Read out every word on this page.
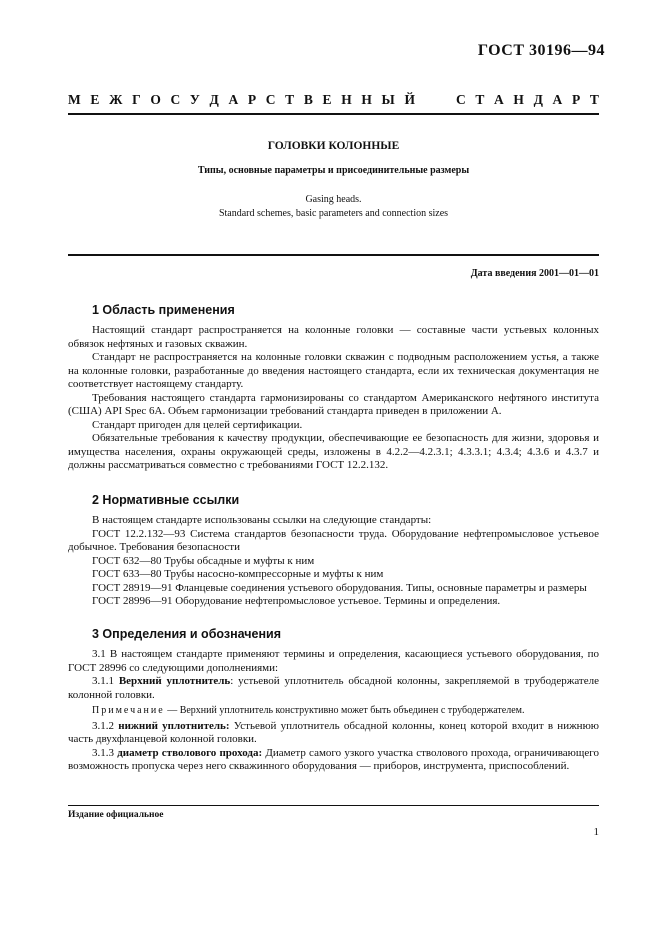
ГОСТ 30196—94
М Е Ж Г О С У Д А Р С Т В Е Н Н Ы Й	С Т А Н Д А Р Т
ГОЛОВКИ КОЛОННЫЕ
Типы, основные параметры и присоединительные размеры
Gasing heads.
Standard schemes, basic parameters and connection sizes
Дата введения 2001—01—01
1 Область применения

Настоящий стандарт распространяется на колонные головки — составные части устьевых колонных обвязок нефтяных и газовых скважин.

Стандарт не распространяется на колонные головки скважин с подводным расположением устья, а также на колонные головки, разработанные до введения настоящего стандарта, если их техническая документация не соответствует настоящему стандарту.

Требования настоящего стандарта гармонизированы со стандартом Американского нефтяного института (США) API Spec 6A. Объем гармонизации требований стандарта приведен в приложении А.

Стандарт пригоден для целей сертификации.

Обязательные требования к качеству продукции, обеспечивающие ее безопасность для жизни, здоровья и имущества населения, охраны окружающей среды, изложены в 4.2.2—4.2.3.1; 4.3.3.1; 4.3.4; 4.3.6 и 4.3.7 и должны рассматриваться совместно с требованиями ГОСТ 12.2.132.

2 Нормативные ссылки

В настоящем стандарте использованы ссылки на следующие стандарты:

ГОСТ 12.2.132—93 Система стандартов безопасности труда. Оборудование нефтепромысловое устьевое добычное. Требования безопасности

ГОСТ 632—80 Трубы обсадные и муфты к ним

ГОСТ 633—80 Трубы насосно-компрессорные и муфты к ним

ГОСТ 28919—91 Фланцевые соединения устьевого оборудования. Типы, основные параметры и размеры

ГОСТ 28996—91 Оборудование нефтепромысловое устьевое. Термины и определения.

3 Определения и обозначения

3.1 В настоящем стандарте применяют термины и определения, касающиеся устьевого оборудования, по ГОСТ 28996 со следующими дополнениями:

3.1.1 Верхний уплотнитель: устьевой уплотнитель обсадной колонны, закрепляемой в трубодержателе колонной головки.

Примечание — Верхний уплотнитель конструктивно может быть объединен с трубодержателем.

3.1.2 нижний уплотнитель: Устьевой уплотнитель обсадной колонны, конец которой входит в нижнюю часть двухфланцевой колонной головки.

3.1.3 диаметр стволового прохода: Диаметр самого узкого участка стволового прохода, ограничивающего возможность пропуска через него скважинного оборудования — приборов, инструмента, приспособлений.

Издание официальное
1
